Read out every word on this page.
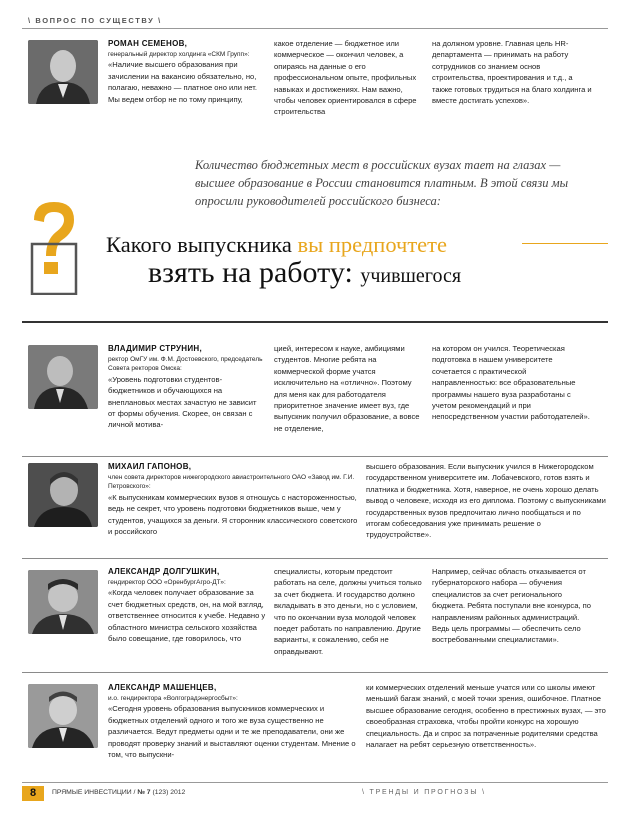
\ ВОПРОС ПО СУЩЕСТВУ \
РОМАН СЕМЕНОВ,
генеральный директор холдинга «СКМ Групп»:
«Наличие высшего образования при зачислении на вакансию обязательно, но, полагаю, неважно — платное оно или нет. Мы ведем отбор не по тому принципу,
какое отделение — бюджетное или коммерческое — окончил человек, а опираясь на данные о его профессиональном опыте, профильных навыках и достижениях. Нам важно, чтобы человек ориентировался в сфере строительства
на должном уровне. Главная цель HR-департамента — принимать на работу сотрудников со знанием основ строительства, проектирования и т.д., а также готовых трудиться на благо холдинга и вместе достигать успехов».
Количество бюджетных мест в российских вузах тает на глазах — высшее образование в России становится платным. В этой связи мы опросили руководителей российского бизнеса:
Какого выпускника вы предпочтете
взять на работу: учившегося
ВЛАДИМИР СТРУНИН,
ректор ОмГУ им. Ф.М. Достоевского, председатель Совета ректоров Омска:
«Уровень подготовки студентов-бюджетников и обучающихся на внеплановых местах зачастую не зависит от формы обучения. Скорее, он связан с личной мотива-
цией, интересом к науке, амбициями студентов. Многие ребята на коммерческой форме учатся исключительно на «отлично». Поэтому для меня как для работодателя приоритетное значение имеет вуз, где выпускник получил образование, а вовсе не отделение,
на котором он учился. Теоретическая подготовка в нашем университете сочетается с практической направленностью: все образовательные программы нашего вуза разработаны с учетом рекомендаций и при непосредственном участии работодателей».
МИХАИЛ ГАПОНОВ,
член совета директоров нижегородского авиастроительного ОАО «Завод им. Г.И. Петровского»:
«К выпускникам коммерческих вузов я отношусь с настороженностью, ведь не секрет, что уровень подготовки бюджетников выше, чем у студентов, учащихся за деньги. Я сторонник классического советского и российского
высшего образования. Если выпускник учился в Нижегородском государственном университете им. Лобачевского, готов взять и платника и бюджетника. Хотя, наверное, не очень хорошо делать вывод о человеке, исходя из его диплома. Поэтому с выпускниками государственных вузов предпочитаю лично пообщаться и по итогам собеседования уже принимать решение о трудоустройстве».
АЛЕКСАНДР ДОЛГУШКИН,
гендиректор ООО «ОренбургАгро-ДТ»:
«Когда человек получает образование за счет бюджетных средств, он, на мой взгляд, ответственнее относится к учебе. Недавно у областного министра сельского хозяйства было совещание, где говорилось, что
специалисты, которым предстоит работать на селе, должны учиться только за счет бюджета. И государство должно вкладывать в это деньги, но с условием, что по окончании вуза молодой человек поедет работать по направлению. Другие варианты, к сожалению, себя не оправдывают.
Например, сейчас область отказывается от губернаторского набора — обучения специалистов за счет регионального бюджета. Ребята поступали вне конкурса, по направлениям районных администраций. Ведь цель программы — обеспечить село востребованными специалистами».
АЛЕКСАНДР МАШЕНЦЕВ,
и.о. гендиректора «Волгоградэнергосбыт»:
«Сегодня уровень образования выпускников коммерческих и бюджетных отделений одного и того же вуза существенно не различается. Ведут предметы одни и те же преподаватели, они же проводят проверку знаний и выставляют оценки студентам. Мнение о том, что выпускни-
ки коммерческих отделений меньше учатся или со школы имеют меньший багаж знаний, с моей точки зрения, ошибочное. Платное высшее образование сегодня, особенно в престижных вузах, — это своеобразная страховка, чтобы пройти конкурс на хорошую специальность. Да и спрос за потраченные родителями средства налагает на ребят серьезную ответственность».
8	ПРЯМЫЕ ИНВЕСТИЦИИ / № 7 (123) 2012	\ ТРЕНДЫ И ПРОГНОЗЫ \
